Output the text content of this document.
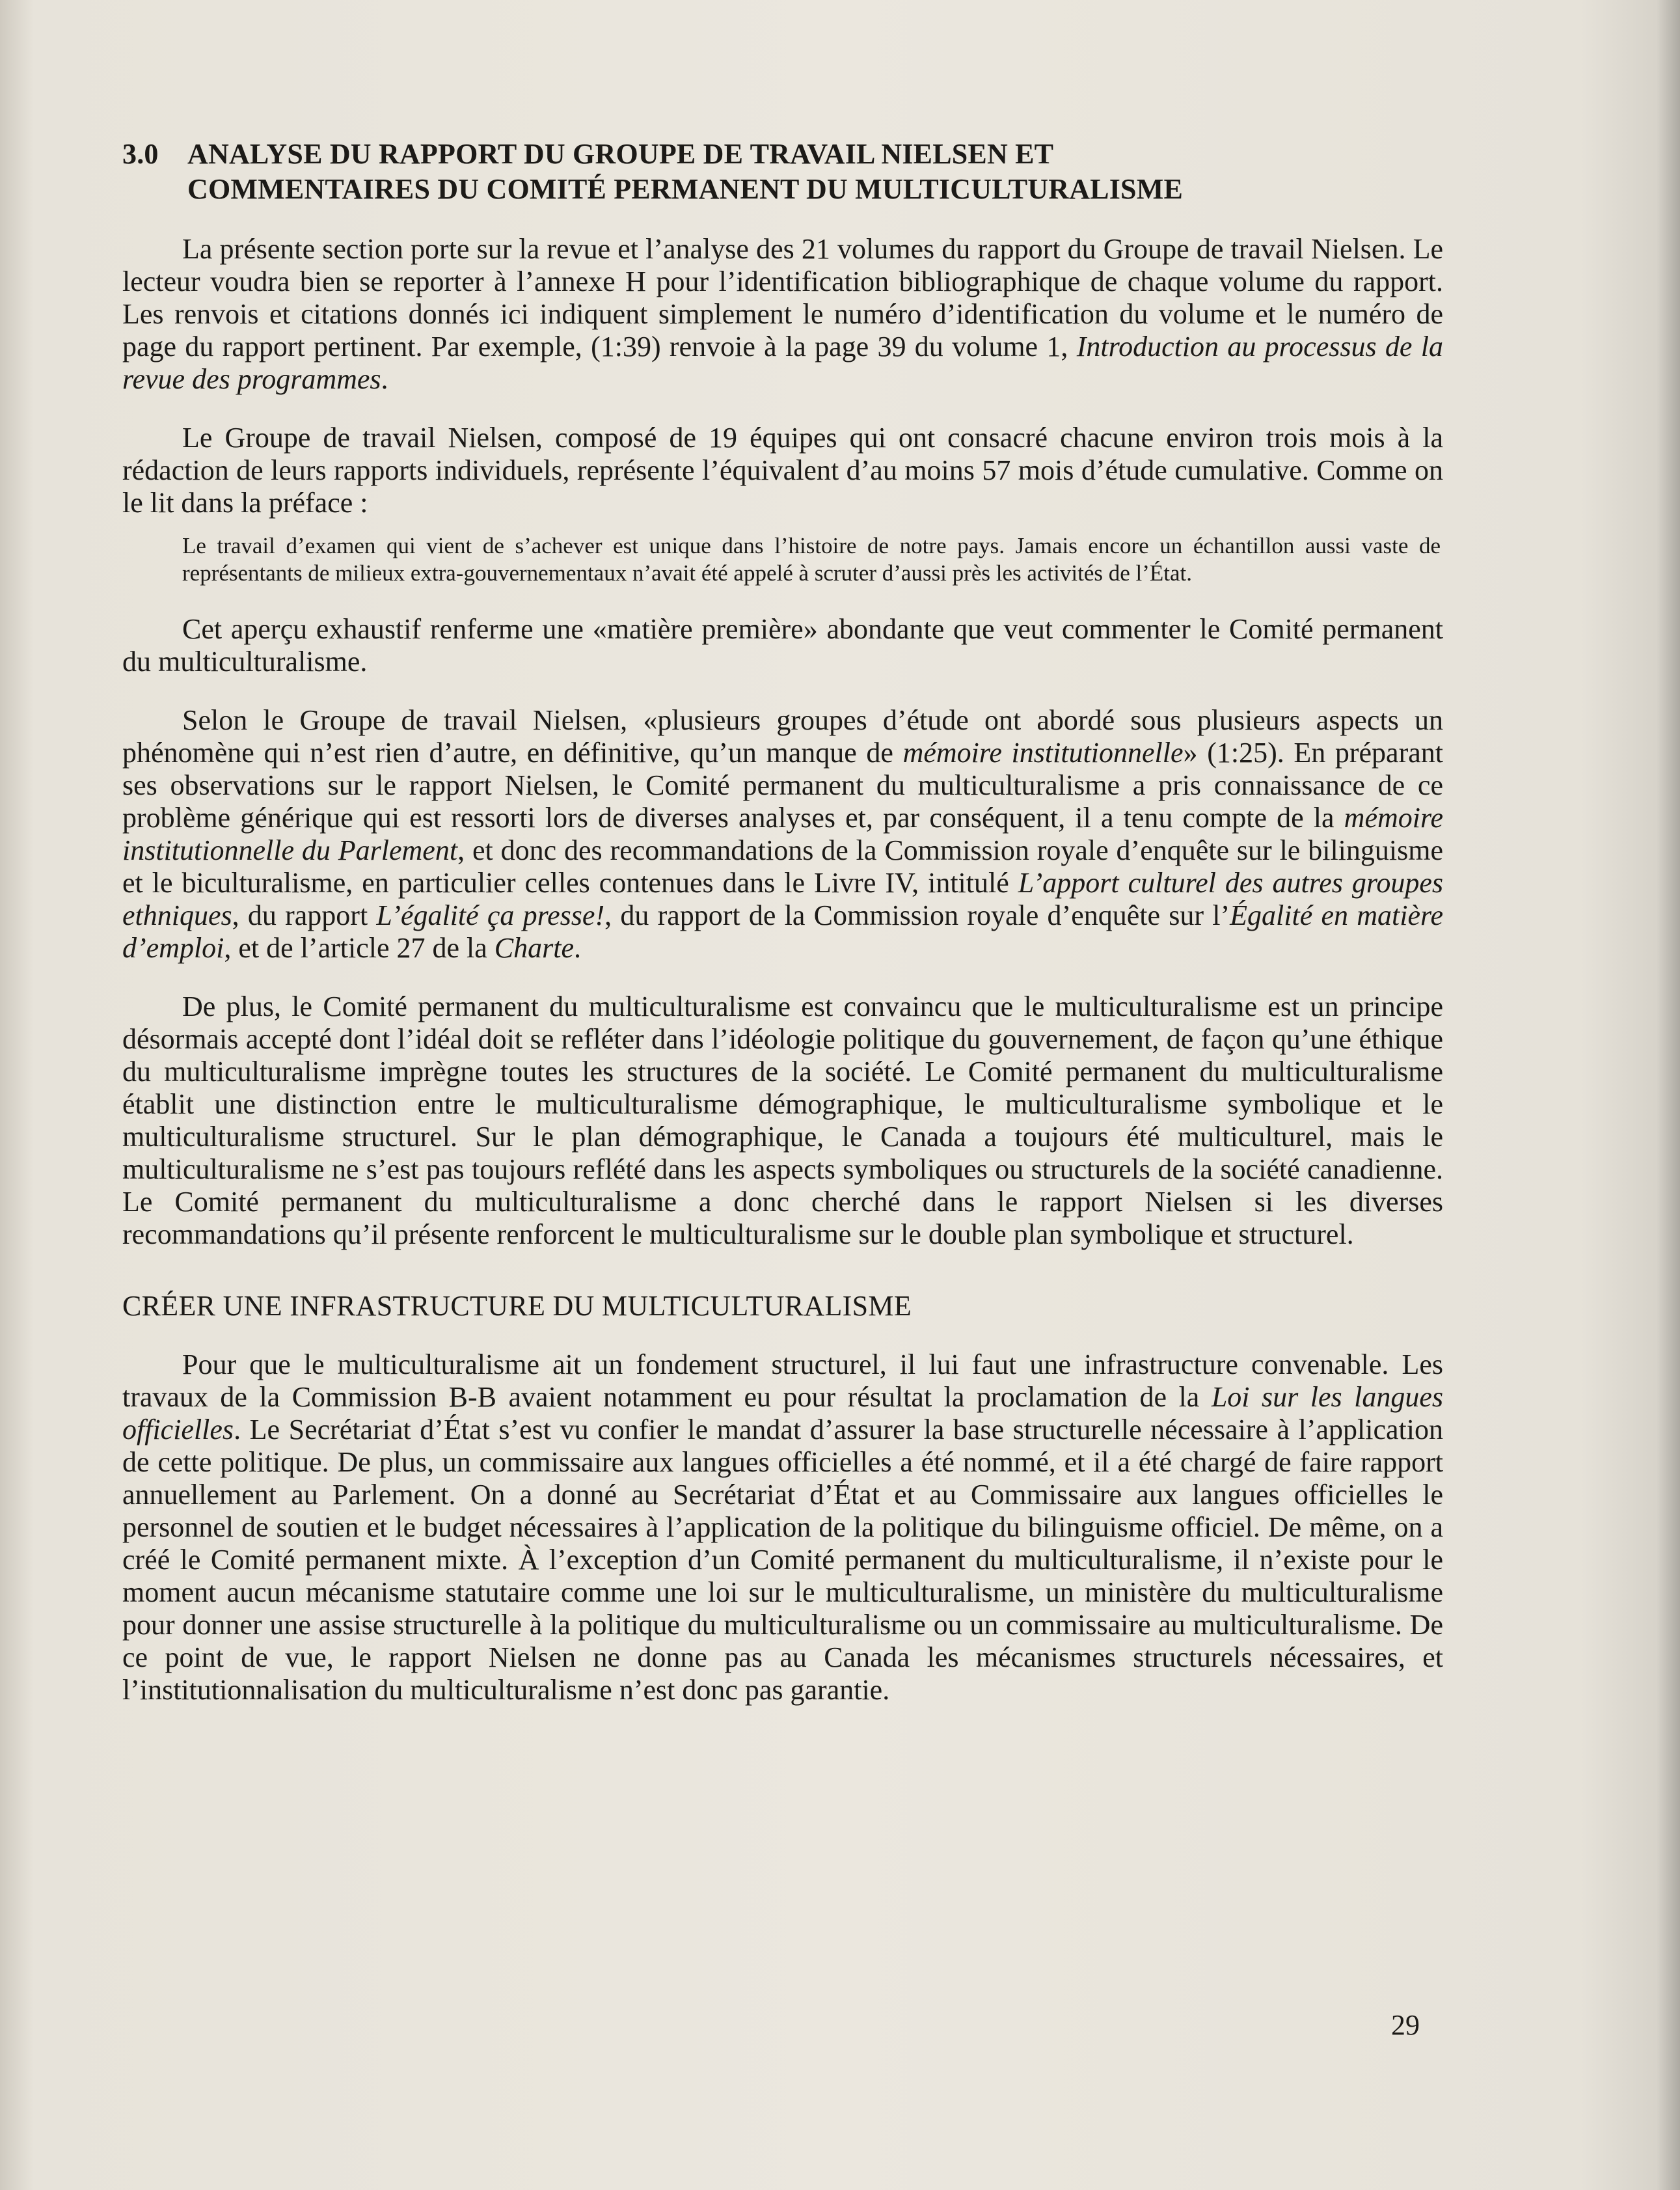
3.0	ANALYSE DU RAPPORT DU GROUPE DE TRAVAIL NIELSEN ET
COMMENTAIRES DU COMITÉ PERMANENT DU MULTICULTURALISME

La présente section porte sur la revue et l’analyse des 21 volumes du rapport du Groupe de travail Nielsen. Le lecteur voudra bien se reporter à l’annexe H pour l’identification bibliographique de chaque volume du rapport. Les renvois et citations donnés ici indiquent simplement le numéro d’identification du volume et le numéro de page du rapport pertinent. Par exemple, (1:39) renvoie à la page 39 du volume 1, Introduction au processus de la revue des programmes.

Le Groupe de travail Nielsen, composé de 19 équipes qui ont consacré chacune environ trois mois à la rédaction de leurs rapports individuels, représente l’équivalent d’au moins 57 mois d’étude cumulative. Comme on le lit dans la préface :

Le travail d’examen qui vient de s’achever est unique dans l’histoire de notre pays. Jamais encore un échantillon aussi vaste de représentants de milieux extra-gouvernementaux n’avait été appelé à scruter d’aussi près les activités de l’État.

Cet aperçu exhaustif renferme une «matière première» abondante que veut commenter le Comité permanent du multiculturalisme.

Selon le Groupe de travail Nielsen, «plusieurs groupes d’étude ont abordé sous plusieurs aspects un phénomène qui n’est rien d’autre, en définitive, qu’un manque de mémoire institutionnelle» (1:25). En préparant ses observations sur le rapport Nielsen, le Comité permanent du multiculturalisme a pris connaissance de ce problème générique qui est ressorti lors de diverses analyses et, par conséquent, il a tenu compte de la mémoire institutionnelle du Parlement, et donc des recommandations de la Commission royale d’enquête sur le bilinguisme et le biculturalisme, en particulier celles contenues dans le Livre IV, intitulé L’apport culturel des autres groupes ethniques, du rapport L’égalité ça presse!, du rapport de la Commission royale d’enquête sur l’Égalité en matière d’emploi, et de l’article 27 de la Charte.

De plus, le Comité permanent du multiculturalisme est convaincu que le multiculturalisme est un principe désormais accepté dont l’idéal doit se refléter dans l’idéologie politique du gouvernement, de façon qu’une éthique du multiculturalisme imprègne toutes les structures de la société. Le Comité permanent du multiculturalisme établit une distinction entre le multiculturalisme démographique, le multiculturalisme symbolique et le multiculturalisme structurel. Sur le plan démographique, le Canada a toujours été multiculturel, mais le multiculturalisme ne s’est pas toujours reflété dans les aspects symboliques ou structurels de la société canadienne. Le Comité permanent du multiculturalisme a donc cherché dans le rapport Nielsen si les diverses recommandations qu’il présente renforcent le multiculturalisme sur le double plan symbolique et structurel.

CRÉER UNE INFRASTRUCTURE DU MULTICULTURALISME

Pour que le multiculturalisme ait un fondement structurel, il lui faut une infrastructure convenable. Les travaux de la Commission B-B avaient notamment eu pour résultat la proclamation de la Loi sur les langues officielles. Le Secrétariat d’État s’est vu confier le mandat d’assurer la base structurelle nécessaire à l’application de cette politique. De plus, un commissaire aux langues officielles a été nommé, et il a été chargé de faire rapport annuellement au Parlement. On a donné au Secrétariat d’État et au Commissaire aux langues officielles le personnel de soutien et le budget nécessaires à l’application de la politique du bilinguisme officiel. De même, on a créé le Comité permanent mixte. À l’exception d’un Comité permanent du multiculturalisme, il n’existe pour le moment aucun mécanisme statutaire comme une loi sur le multiculturalisme, un ministère du multiculturalisme pour donner une assise structurelle à la politique du multiculturalisme ou un commissaire au multiculturalisme. De ce point de vue, le rapport Nielsen ne donne pas au Canada les mécanismes structurels nécessaires, et l’institutionnalisation du multiculturalisme n’est donc pas garantie.

29
